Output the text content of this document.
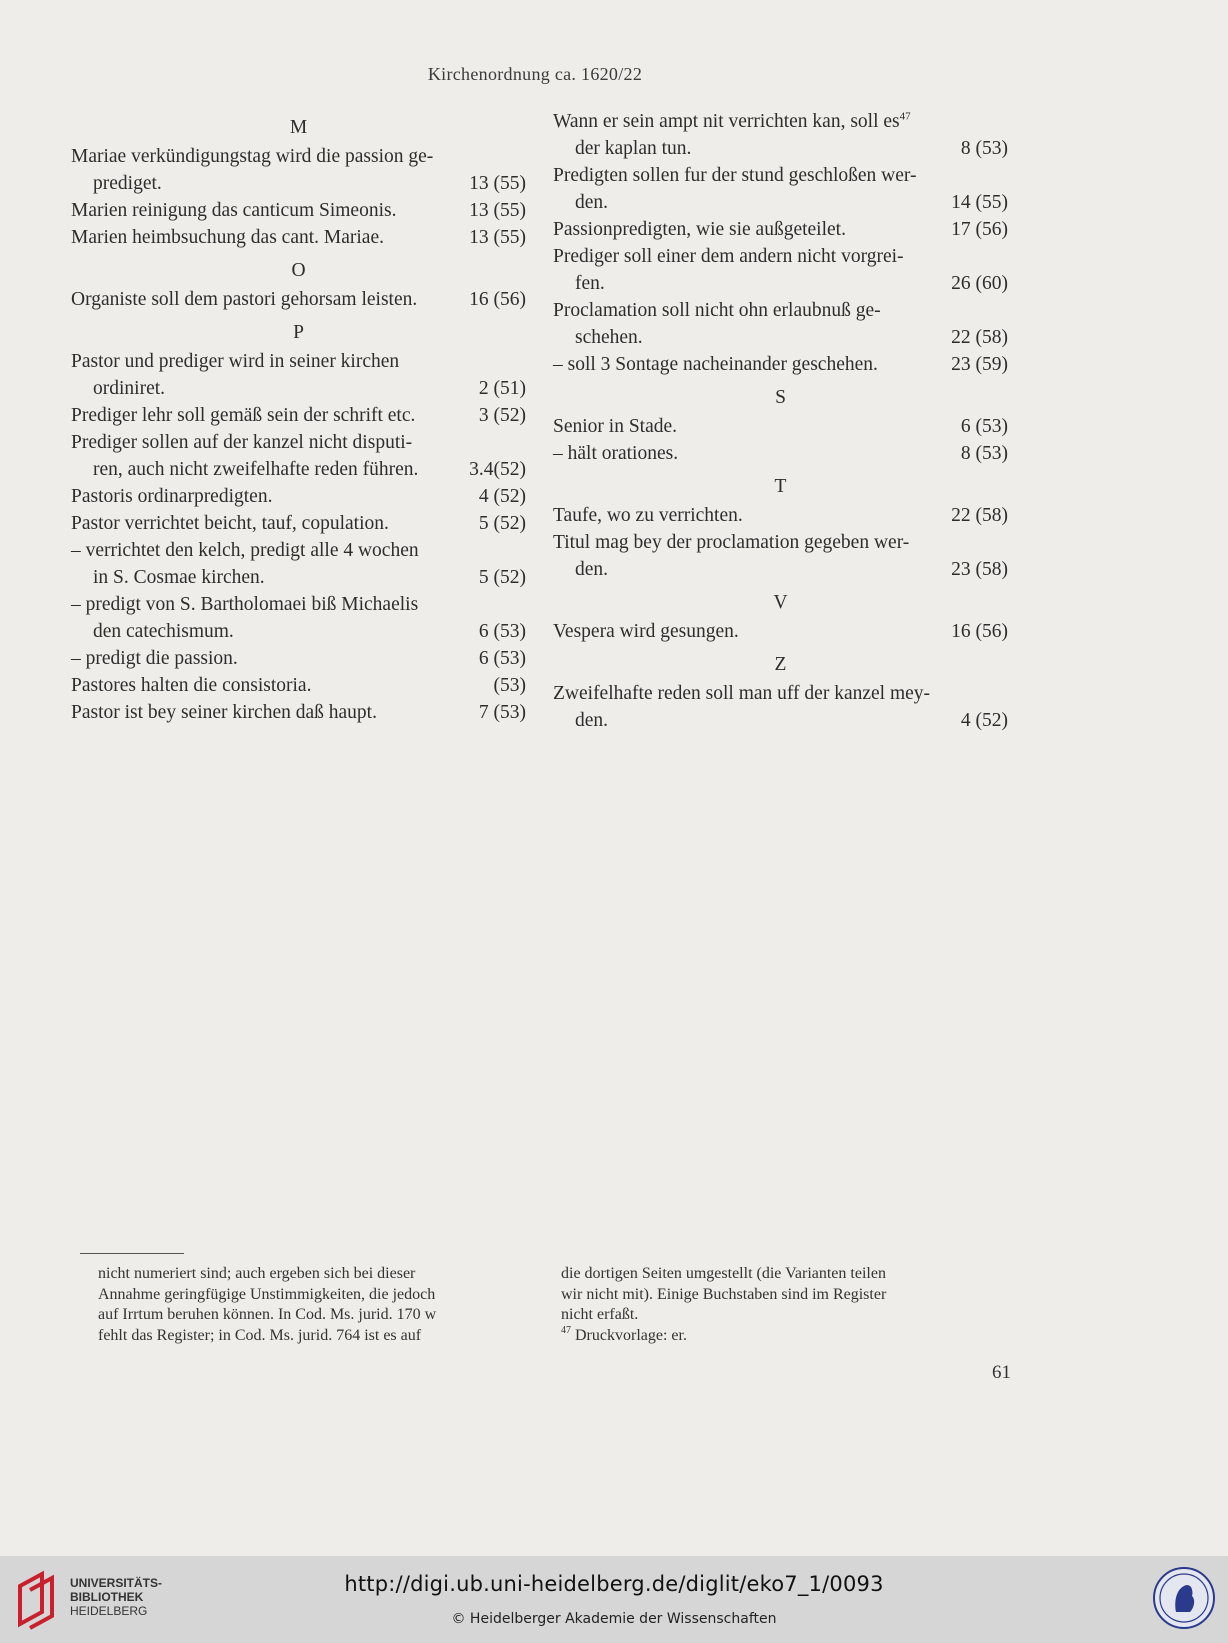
Kirchenordnung ca. 1620/22
M
Mariae verkündigungstag wird die passion ge-
prediget.	13 (55)
Marien reinigung das canticum Simeonis.	13 (55)
Marien heimbsuchung das cant. Mariae.	13 (55)
O
Organiste soll dem pastori gehorsam leisten.	16 (56)
P
Pastor und prediger wird in seiner kirchen
ordiniret.	2 (51)
Prediger lehr soll gemäß sein der schrift etc.	3 (52)
Prediger sollen auf der kanzel nicht disputi-
ren, auch nicht zweifelhafte reden führen.	3.4(52)
Pastoris ordinarpredigten.	4 (52)
Pastor verrichtet beicht, tauf, copulation.	5 (52)
– verrichtet den kelch, predigt alle 4 wochen
in S. Cosmae kirchen.	5 (52)
– predigt von S. Bartholomaei biß Michaelis
den catechismum.	6 (53)
– predigt die passion.	6 (53)
Pastores halten die consistoria.	(53)
Pastor ist bey seiner kirchen daß haupt.	7 (53)
Wann er sein ampt nit verrichten kan, soll $es^{47}$
der kaplan tun.	8 (53)
Predigten sollen fur der stund geschloßen wer-
den.	14 (55)
Passionpredigten, wie sie außgeteilet.	17 (56)
Prediger soll einer dem andern nicht vorgrei-
fen.	26 (60)
Proclamation soll nicht ohn erlaubnuß ge-
schehen.	22 (58)
– soll 3 Sontage nacheinander geschehen.	23 (59)
S
Senior in Stade.	6 (53)
– hält orationes.	8 (53)
T
Taufe, wo zu verrichten.	22 (58)
Titul mag bey der proclamation gegeben wer-
den.	23 (58)
V
Vespera wird gesungen.	16 (56)
Z
Zweifelhafte reden soll man uff der kanzel mey-
den.	4 (52)
nicht numeriert sind; auch ergeben sich bei dieser
Annahme geringfügige Unstimmigkeiten, die jedoch
auf Irrtum beruhen können. In Cod. Ms. jurid. 170 w
fehlt das Register; in Cod. Ms. jurid. 764 ist es auf
die dortigen Seiten umgestellt (die Varianten teilen
wir nicht mit). Einige Buchstaben sind im Register
nicht erfaßt.
$^{47}$ Druckvorlage: er.
61
UNIVERSITÄTS-
BIBLIOTHEK
HEIDELBERG
http://digi.ub.uni-heidelberg.de/diglit/eko7_1/0093
© Heidelberger Akademie der Wissenschaften
